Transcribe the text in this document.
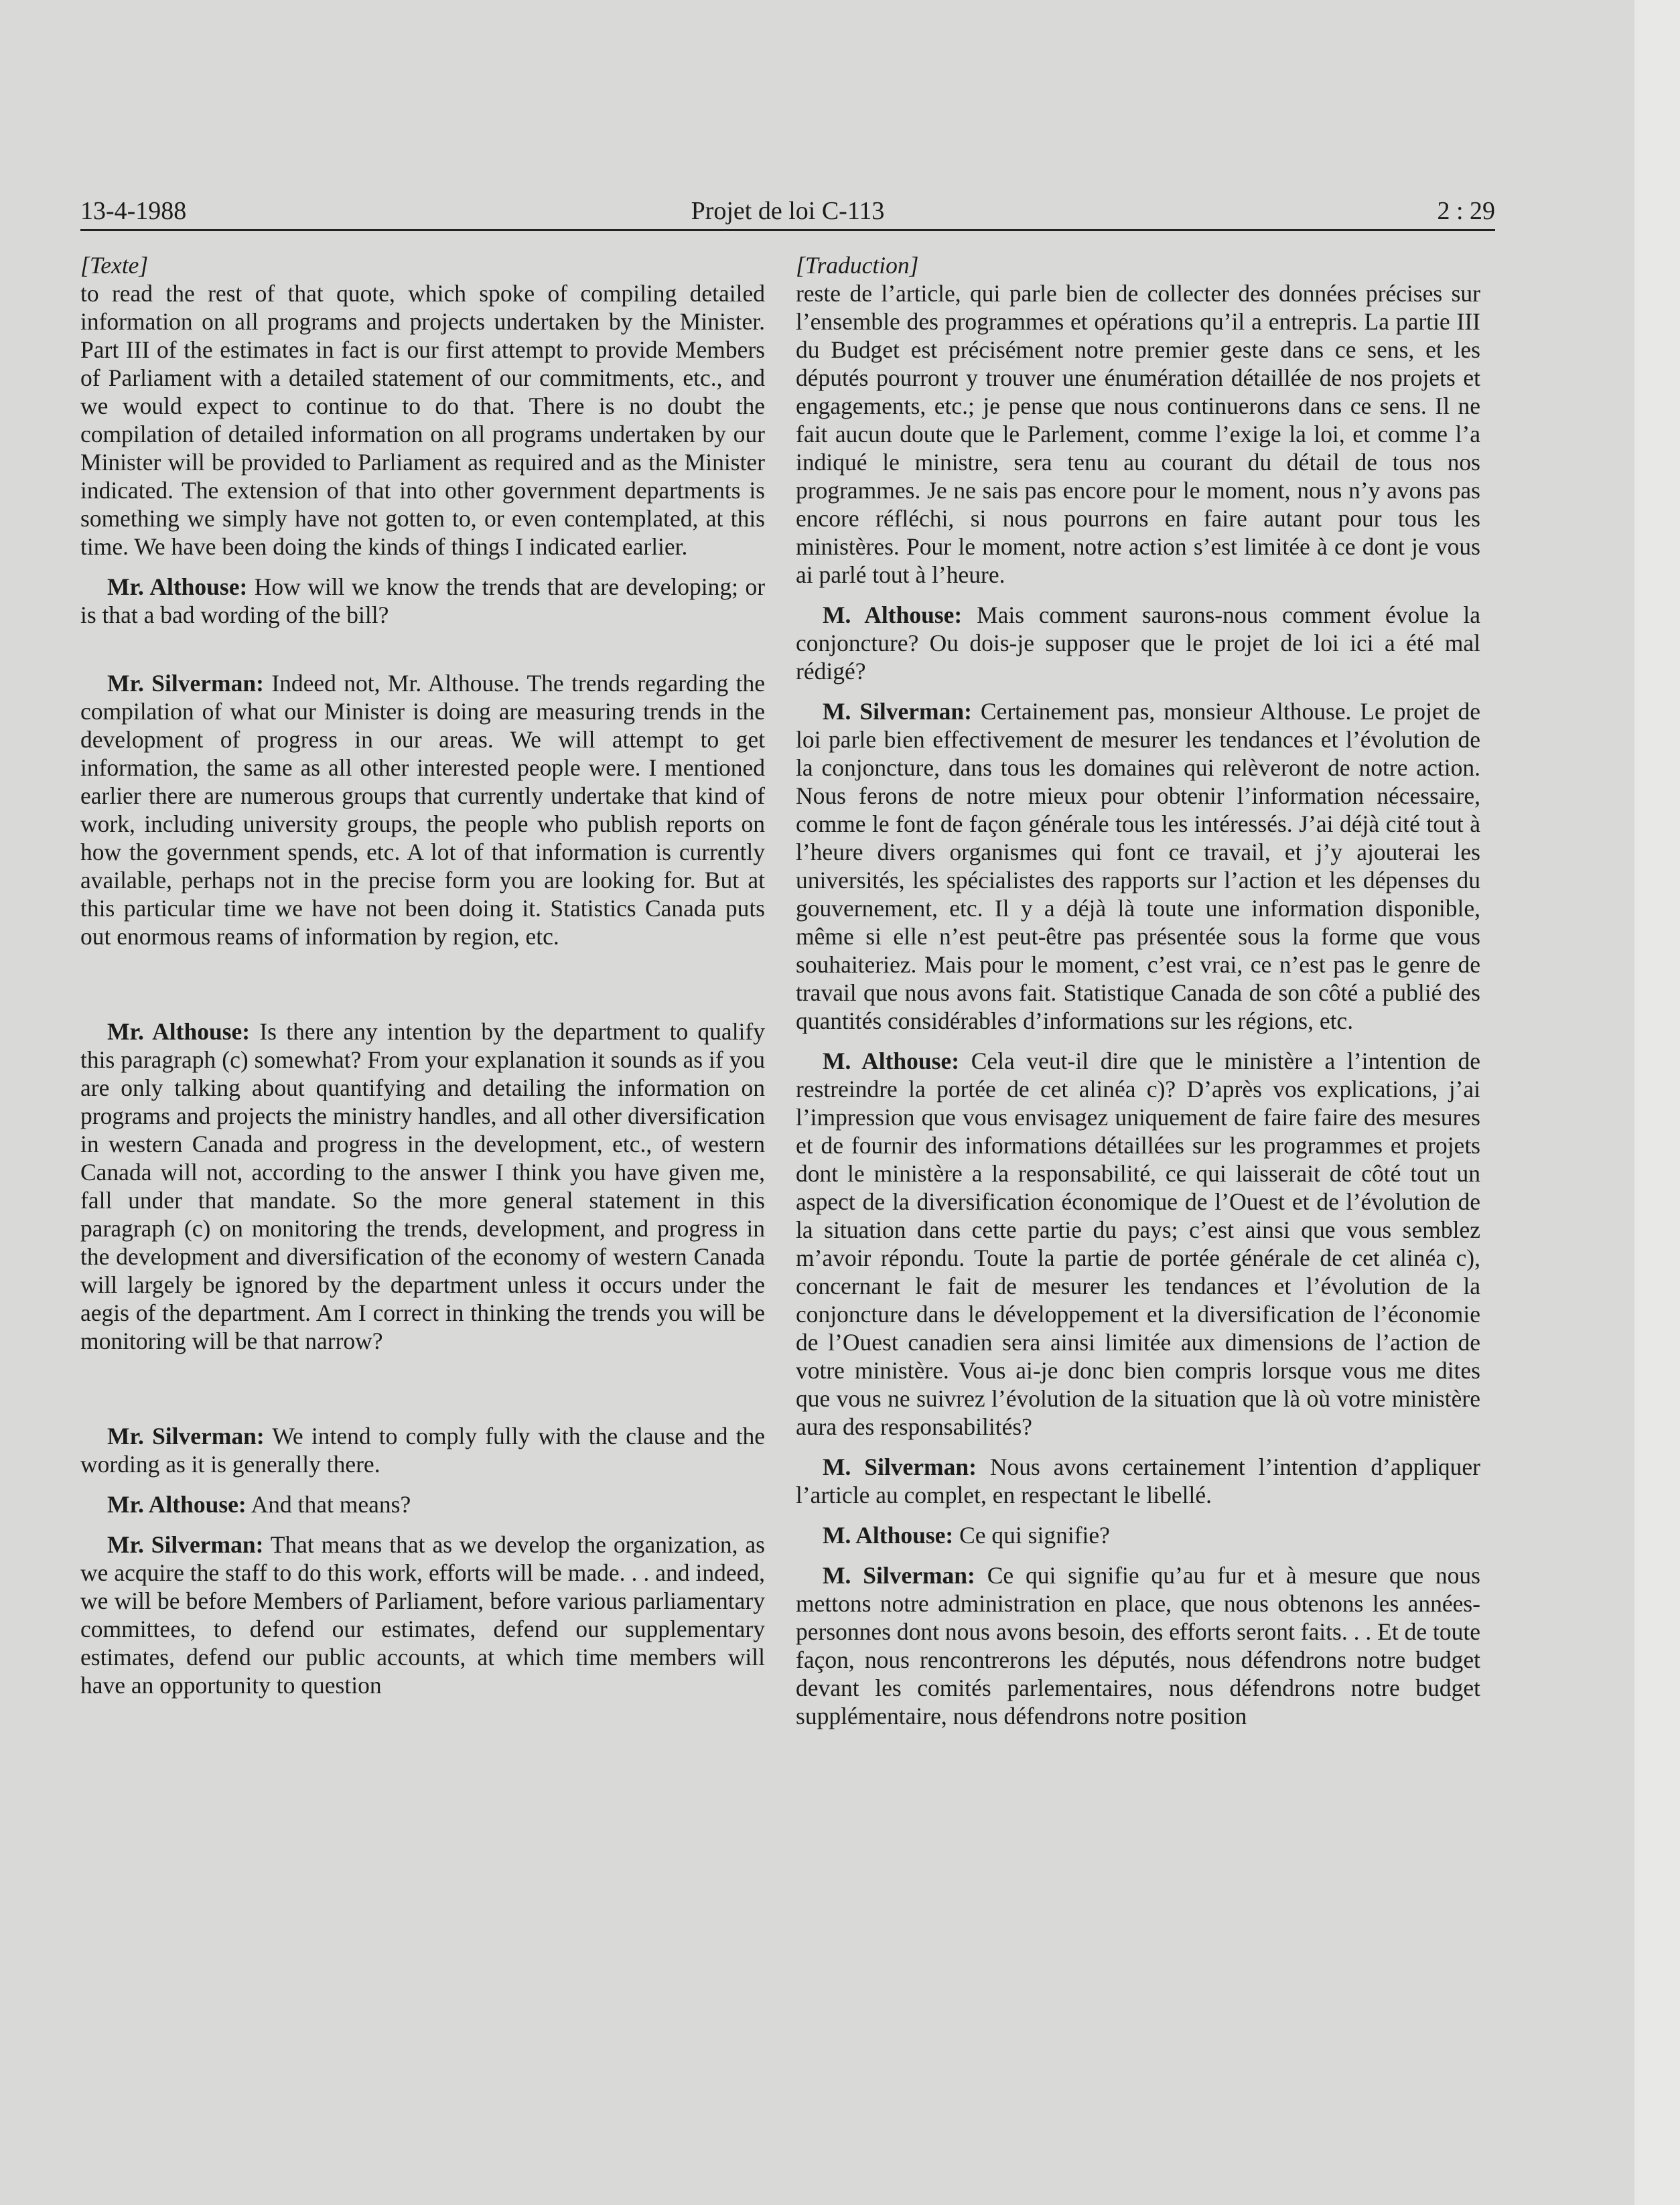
13-4-1988	Projet de loi C-113	2 : 29

[Texte]

to read the rest of that quote, which spoke of compiling detailed information on all programs and projects undertaken by the Minister. Part III of the estimates in fact is our first attempt to provide Members of Parliament with a detailed statement of our commitments, etc., and we would expect to continue to do that. There is no doubt the compilation of detailed information on all programs undertaken by our Minister will be provided to Parliament as required and as the Minister indicated. The extension of that into other government departments is something we simply have not gotten to, or even contemplated, at this time. We have been doing the kinds of things I indicated earlier.

Mr. Althouse: How will we know the trends that are developing; or is that a bad wording of the bill?

Mr. Silverman: Indeed not, Mr. Althouse. The trends regarding the compilation of what our Minister is doing are measuring trends in the development of progress in our areas. We will attempt to get information, the same as all other interested people were. I mentioned earlier there are numerous groups that currently undertake that kind of work, including university groups, the people who publish reports on how the government spends, etc. A lot of that information is currently available, perhaps not in the precise form you are looking for. But at this particular time we have not been doing it. Statistics Canada puts out enormous reams of information by region, etc.

Mr. Althouse: Is there any intention by the department to qualify this paragraph (c) somewhat? From your explanation it sounds as if you are only talking about quantifying and detailing the information on programs and projects the ministry handles, and all other diversification in western Canada and progress in the development, etc., of western Canada will not, according to the answer I think you have given me, fall under that mandate. So the more general statement in this paragraph (c) on monitoring the trends, development, and progress in the development and diversification of the economy of western Canada will largely be ignored by the department unless it occurs under the aegis of the department. Am I correct in thinking the trends you will be monitoring will be that narrow?

Mr. Silverman: We intend to comply fully with the clause and the wording as it is generally there.

Mr. Althouse: And that means?

Mr. Silverman: That means that as we develop the organization, as we acquire the staff to do this work, efforts will be made. . . and indeed, we will be before Members of Parliament, before various parliamentary committees, to defend our estimates, defend our supplementary estimates, defend our public accounts, at which time members will have an opportunity to question

[Traduction]

reste de l’article, qui parle bien de collecter des données précises sur l’ensemble des programmes et opérations qu’il a entrepris. La partie III du Budget est précisément notre premier geste dans ce sens, et les députés pourront y trouver une énumération détaillée de nos projets et engagements, etc.; je pense que nous continuerons dans ce sens. Il ne fait aucun doute que le Parlement, comme l’exige la loi, et comme l’a indiqué le ministre, sera tenu au courant du détail de tous nos programmes. Je ne sais pas encore pour le moment, nous n’y avons pas encore réfléchi, si nous pourrons en faire autant pour tous les ministères. Pour le moment, notre action s’est limitée à ce dont je vous ai parlé tout à l’heure.

M. Althouse: Mais comment saurons-nous comment évolue la conjoncture? Ou dois-je supposer que le projet de loi ici a été mal rédigé?

M. Silverman: Certainement pas, monsieur Althouse. Le projet de loi parle bien effectivement de mesurer les tendances et l’évolution de la conjoncture, dans tous les domaines qui relèveront de notre action. Nous ferons de notre mieux pour obtenir l’information nécessaire, comme le font de façon générale tous les intéressés. J’ai déjà cité tout à l’heure divers organismes qui font ce travail, et j’y ajouterai les universités, les spécialistes des rapports sur l’action et les dépenses du gouvernement, etc. Il y a déjà là toute une information disponible, même si elle n’est peut-être pas présentée sous la forme que vous souhaiteriez. Mais pour le moment, c’est vrai, ce n’est pas le genre de travail que nous avons fait. Statistique Canada de son côté a publié des quantités considérables d’informations sur les régions, etc.

M. Althouse: Cela veut-il dire que le ministère a l’intention de restreindre la portée de cet alinéa c)? D’après vos explications, j’ai l’impression que vous envisagez uniquement de faire faire des mesures et de fournir des informations détaillées sur les programmes et projets dont le ministère a la responsabilité, ce qui laisserait de côté tout un aspect de la diversification économique de l’Ouest et de l’évolution de la situation dans cette partie du pays; c’est ainsi que vous semblez m’avoir répondu. Toute la partie de portée générale de cet alinéa c), concernant le fait de mesurer les tendances et l’évolution de la conjoncture dans le développement et la diversification de l’économie de l’Ouest canadien sera ainsi limitée aux dimensions de l’action de votre ministère. Vous ai-je donc bien compris lorsque vous me dites que vous ne suivrez l’évolution de la situation que là où votre ministère aura des responsabilités?

M. Silverman: Nous avons certainement l’intention d’appliquer l’article au complet, en respectant le libellé.

M. Althouse: Ce qui signifie?

M. Silverman: Ce qui signifie qu’au fur et à mesure que nous mettons notre administration en place, que nous obtenons les années-personnes dont nous avons besoin, des efforts seront faits. . . Et de toute façon, nous rencontrerons les députés, nous défendrons notre budget devant les comités parlementaires, nous défendrons notre budget supplémentaire, nous défendrons notre position
